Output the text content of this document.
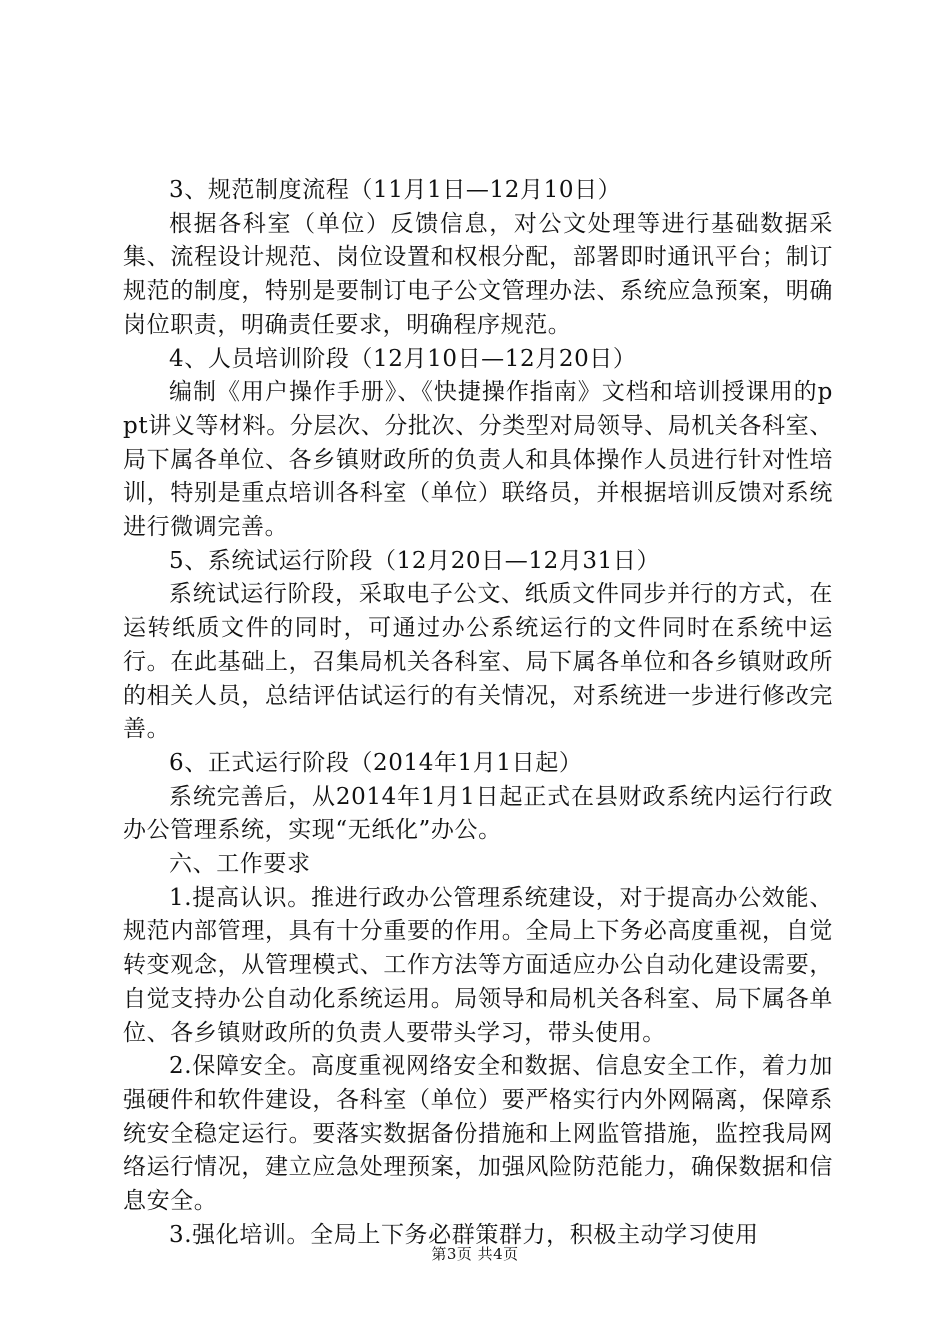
3、规范制度流程（11月1日—12月10日）

根据各科室（单位）反馈信息，对公文处理等进行基础数据采集、流程设计规范、岗位设置和权根分配，部署即时通讯平台；制订规范的制度，特别是要制订电子公文管理办法、系统应急预案，明确岗位职责，明确责任要求，明确程序规范。

4、人员培训阶段（12月10日—12月20日）

编制《用户操作手册》、《快捷操作指南》文档和培训授课用的ppt讲义等材料。分层次、分批次、分类型对局领导、局机关各科室、局下属各单位、各乡镇财政所的负责人和具体操作人员进行针对性培训，特别是重点培训各科室（单位）联络员，并根据培训反馈对系统进行微调完善。

5、系统试运行阶段（12月20日—12月31日）

系统试运行阶段，采取电子公文、纸质文件同步并行的方式，在运转纸质文件的同时，可通过办公系统运行的文件同时在系统中运行。在此基础上，召集局机关各科室、局下属各单位和各乡镇财政所的相关人员，总结评估试运行的有关情况，对系统进一步进行修改完善。

6、正式运行阶段（2014年1月1日起）

系统完善后，从2014年1月1日起正式在县财政系统内运行行政办公管理系统，实现“无纸化”办公。

六、工作要求

1.提高认识。推进行政办公管理系统建设，对于提高办公效能、规范内部管理，具有十分重要的作用。全局上下务必高度重视，自觉转变观念，从管理模式、工作方法等方面适应办公自动化建设需要，自觉支持办公自动化系统运用。局领导和局机关各科室、局下属各单位、各乡镇财政所的负责人要带头学习，带头使用。

2.保障安全。高度重视网络安全和数据、信息安全工作，着力加强硬件和软件建设，各科室（单位）要严格实行内外网隔离，保障系统安全稳定运行。要落实数据备份措施和上网监管措施，监控我局网络运行情况，建立应急处理预案，加强风险防范能力，确保数据和信息安全。

3.强化培训。全局上下务必群策群力，积极主动学习使用

第3页 共4页
